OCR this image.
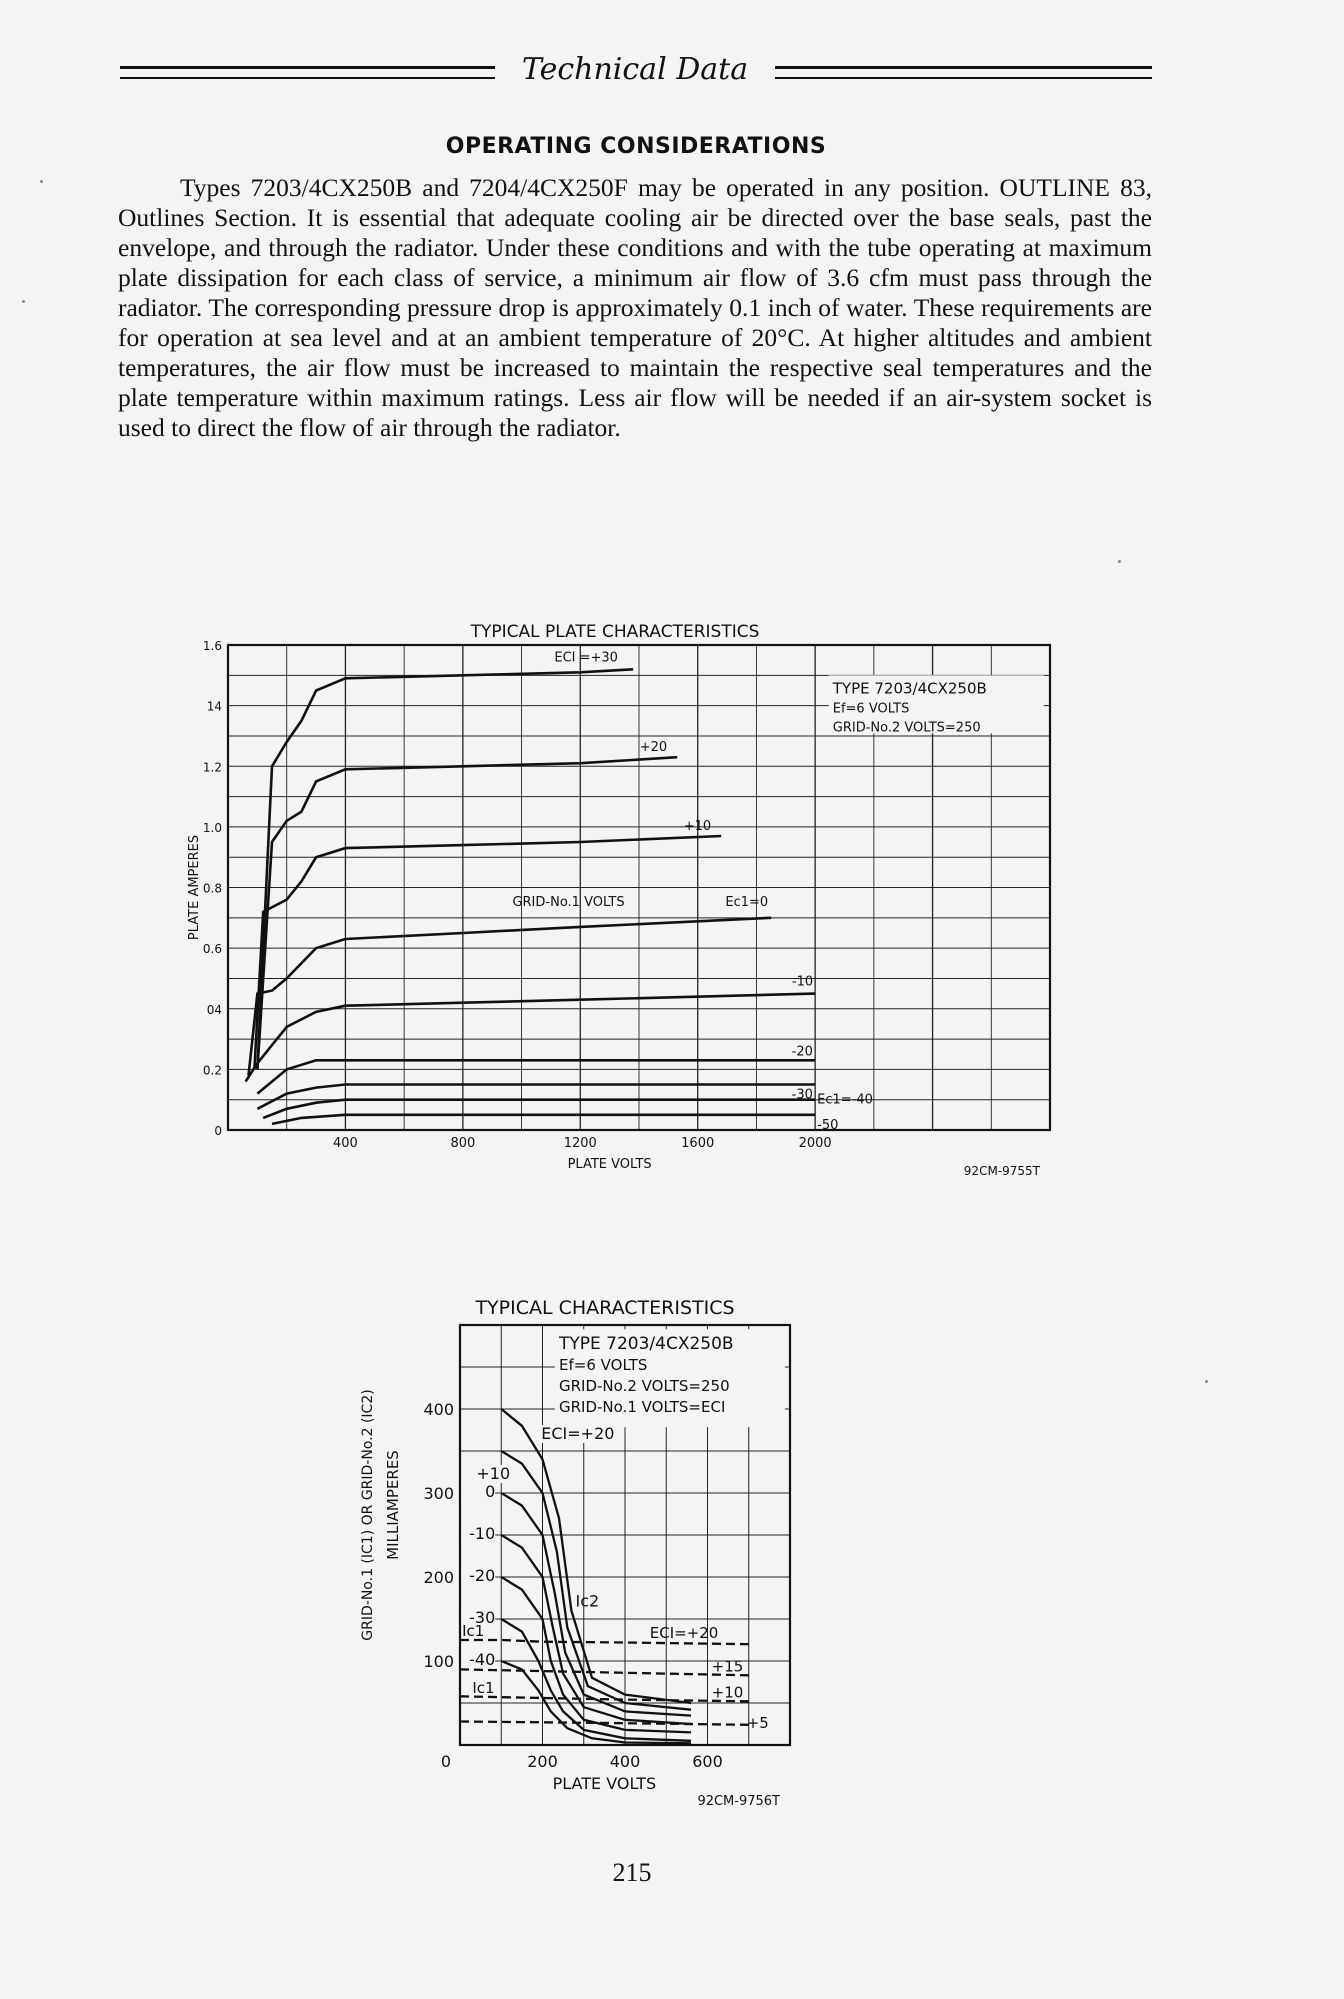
Technical Data
OPERATING CONSIDERATIONS

Types 7203/4CX250B and 7204/4CX250F may be operated in any position. OUTLINE 83, Outlines Section. It is essential that adequate cooling air be directed over the base seals, past the envelope, and through the radiator. Under these conditions and with the tube operating at maximum plate dissipation for each class of service, a minimum air flow of 3.6 cfm must pass through the radiator. The corresponding pressure drop is approximately 0.1 inch of water. These requirements are for operation at sea level and at an ambient temperature of 20°C. At higher altitudes and ambient temperatures, the air flow must be increased to maintain the respective seal temperatures and the plate temperature within maximum ratings. Less air flow will be needed if an air-system socket is used to direct the flow of air through the radiator.

TYPICAL PLATE CHARACTERISTICS
0
0.2
04
0.6
0.8
1.0
1.2
14
1.6
400	800	1200	1600	2000
PLATE VOLTS
PLATE AMPERES
TYPE 7203/4CX250B
Ef=6 VOLTS
GRID-No.2 VOLTS=250
GRID-No.1 VOLTS
92CM-9755T
ECI =+30
+20
+10
Ec1=0
-10
-20
-30 Ec1=-40
-50
TYPICAL CHARACTERISTICS
TYPE 7203/4CX250B
Ef=6 VOLTS
GRID-No.2 VOLTS=250
GRID-No.1 VOLTS=ECI
100
200
300
400
0	200	400	600
PLATE VOLTS
92CM-9756T
MILLIAMPERES
GRID-No.1 (IC1) OR GRID-No.2 (IC2)	ECI=+20
+10
0
-10
-20
-30
-40
ECI=+20
+15
+10
+5
Ic2
Ic1
Ic1
215
